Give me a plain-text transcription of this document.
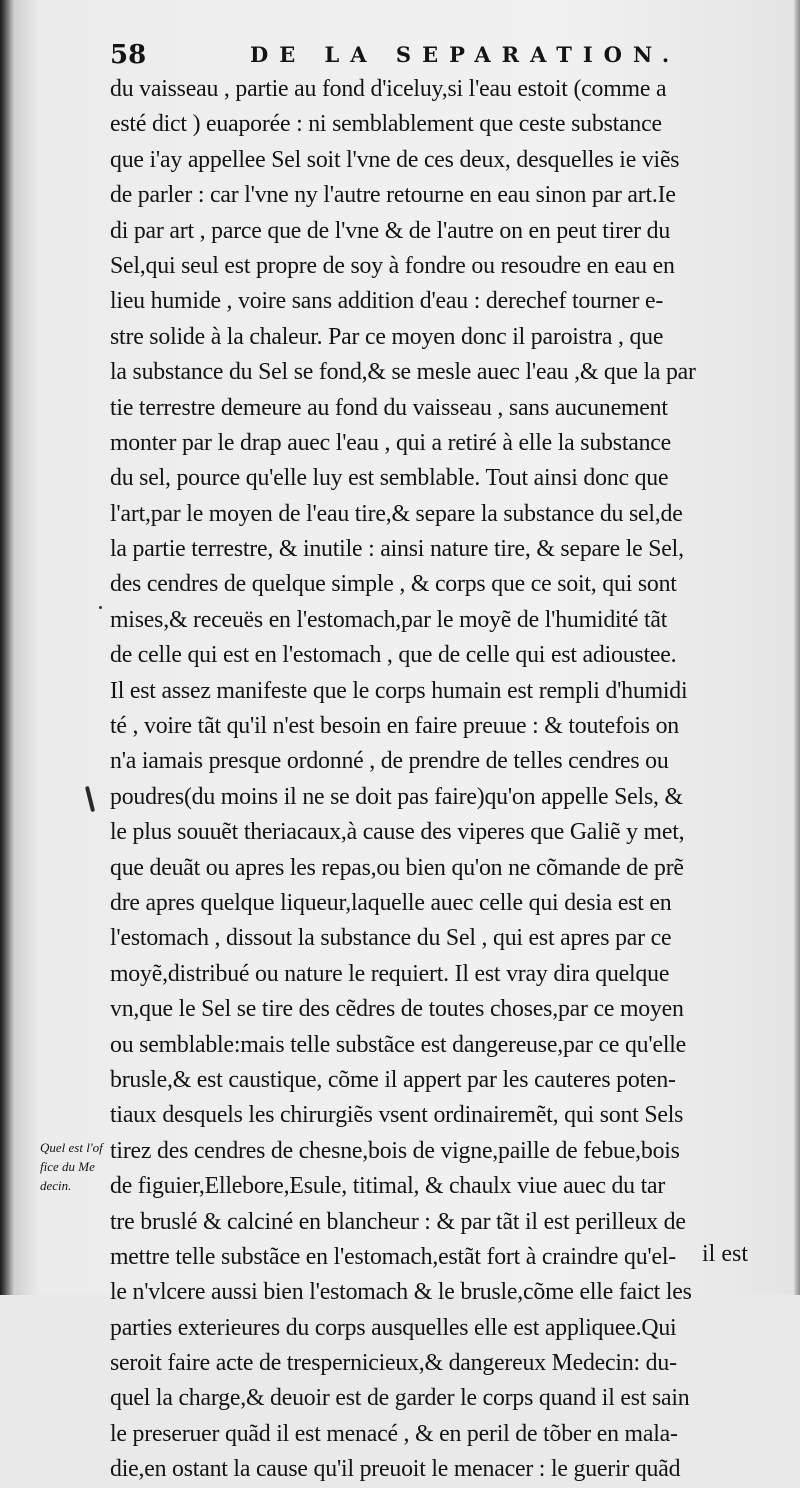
58	DE LA SEPARATION.
du vaisseau , partie au fond d'iceluy,si l'eau estoit (comme a
esté dict ) euaporée : ni semblablement que ceste substance
que i'ay appellee Sel soit l'vne de ces deux, desquelles ie viẽs
de parler : car l'vne ny l'autre retourne en eau sinon par art.Ie
di par art , parce que de l'vne & de l'autre on en peut tirer du
Sel,qui seul est propre de soy à fondre ou resoudre en eau en
lieu humide , voire sans addition d'eau : derechef tourner e-
stre solide à la chaleur. Par ce moyen donc il paroistra , que
la substance du Sel se fond,& se mesle auec l'eau ,& que la par
tie terrestre demeure au fond du vaisseau , sans aucunement
monter par le drap auec l'eau , qui a retiré à elle la substance
du sel, pource qu'elle luy est semblable. Tout ainsi donc que
l'art,par le moyen de l'eau tire,& separe la substance du sel,de
la partie terrestre, & inutile : ainsi nature tire, & separe le Sel,
des cendres de quelque simple , & corps que ce soit, qui sont
mises,& receuës en l'estomach,par le moyẽ de l'humidité tãt
de celle qui est en l'estomach , que de celle qui est adioustee.
Il est assez manifeste que le corps humain est rempli d'humidi
té , voire tãt qu'il n'est besoin en faire preuue : & toutefois on
n'a iamais presque ordonné , de prendre de telles cendres ou
poudres(du moins il ne se doit pas faire)qu'on appelle Sels, &
le plus souuẽt theriacaux,à cause des viperes que Galiẽ y met,
que deuãt ou apres les repas,ou bien qu'on ne cõmande de prẽ
dre apres quelque liqueur,laquelle auec celle qui desia est en
l'estomach , dissout la substance du Sel , qui est apres par ce
moyẽ,distribué ou nature le requiert. Il est vray dira quelque
vn,que le Sel se tire des cẽdres de toutes choses,par ce moyen
ou semblable:mais telle substãce est dangereuse,par ce qu'elle
brusle,& est caustique, cõme il appert par les cauteres poten-
tiaux desquels les chirurgiẽs vsent ordinairemẽt, qui sont Sels
tirez des cendres de chesne,bois de vigne,paille de febue,bois
de figuier,Ellebore,Esule, titimal, & chaulx viue auec du tar
tre bruslé & calciné en blancheur : & par tãt il est perilleux de
mettre telle substãce en l'estomach,estãt fort à craindre qu'el-
le n'vlcere aussi bien l'estomach & le brusle,cõme elle faict les
parties exterieures du corps ausquelles elle est appliquee.Qui
seroit faire acte de trespernicieux,& dangereux Medecin: du-
quel la charge,& deuoir est de garder le corps quand il est sain
le preseruer quãd il est menacé , & en peril de tõber en mala-
die,en ostant la cause qu'il preuoit le menacer : le guerir quãd
il est
Quel est l'of
fice du Me
decin.
